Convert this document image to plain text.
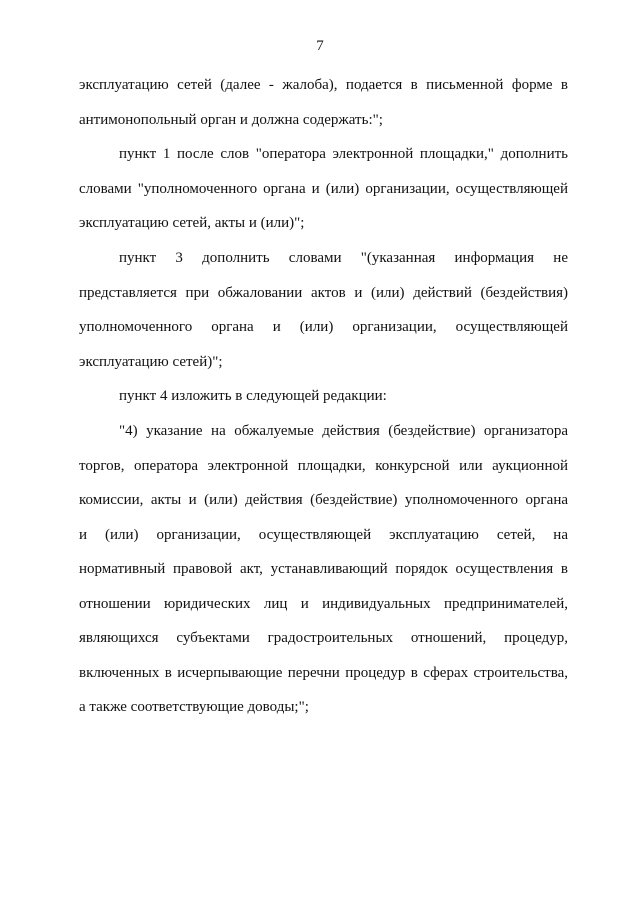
7
эксплуатацию сетей (далее - жалоба), подается в письменной форме в
антимонопольный орган и должна содержать:";
пункт 1 после слов "оператора электронной площадки," дополнить
словами "уполномоченного органа и (или) организации, осуществляющей
эксплуатацию сетей, акты и (или)";
пункт 3 дополнить словами "(указанная информация не
представляется при обжаловании актов и (или) действий (бездействия)
уполномоченного органа и (или) организации, осуществляющей
эксплуатацию сетей)";
пункт 4 изложить в следующей редакции:
"4) указание на обжалуемые действия (бездействие) организатора
торгов, оператора электронной площадки, конкурсной или аукционной
комиссии, акты и (или) действия (бездействие) уполномоченного органа
и (или) организации, осуществляющей эксплуатацию сетей, на
нормативный правовой акт, устанавливающий порядок осуществления в
отношении юридических лиц и индивидуальных предпринимателей,
являющихся субъектами градостроительных отношений, процедур,
включенных в исчерпывающие перечни процедур в сферах строительства,
а также соответствующие доводы;";
